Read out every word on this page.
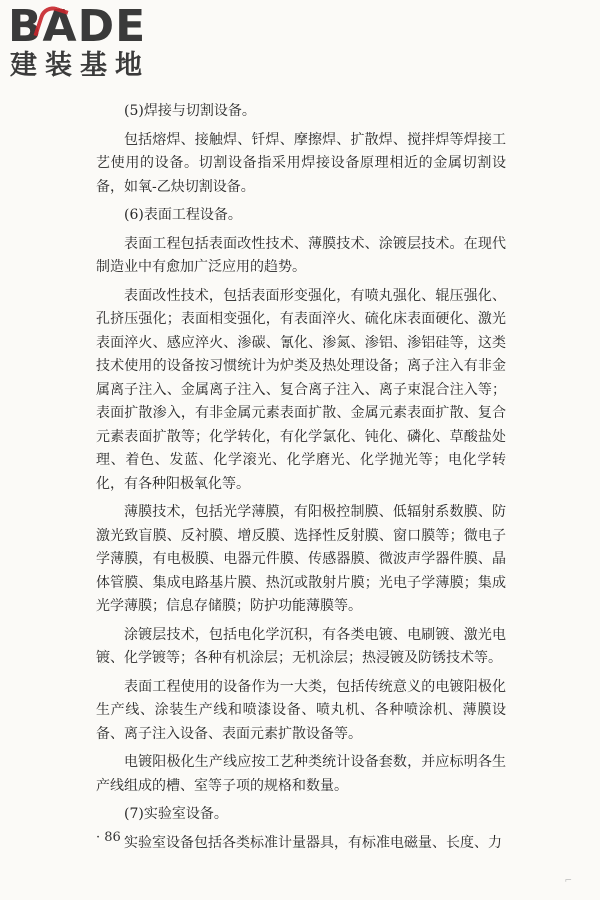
BADE
建装基地

(5)焊接与切割设备。

包括熔焊、接触焊、钎焊、摩擦焊、扩散焊、搅拌焊等焊接工艺使用的设备。切割设备指采用焊接设备原理相近的金属切割设备，如氧-乙炔切割设备。

(6)表面工程设备。

表面工程包括表面改性技术、薄膜技术、涂镀层技术。在现代制造业中有愈加广泛应用的趋势。

表面改性技术，包括表面形变强化，有喷丸强化、辊压强化、孔挤压强化；表面相变强化，有表面淬火、硫化床表面硬化、激光表面淬火、感应淬火、渗碳、氰化、渗氮、渗铝、渗铝硅等，这类技术使用的设备按习惯统计为炉类及热处理设备；离子注入有非金属离子注入、金属离子注入、复合离子注入、离子束混合注入等；表面扩散渗入，有非金属元素表面扩散、金属元素表面扩散、复合元素表面扩散等；化学转化，有化学氯化、钝化、磷化、草酸盐处理、着色、发蓝、化学滚光、化学磨光、化学抛光等；电化学转化，有各种阳极氧化等。

薄膜技术，包括光学薄膜，有阳极控制膜、低辐射系数膜、防激光致盲膜、反衬膜、增反膜、选择性反射膜、窗口膜等；微电子学薄膜，有电极膜、电器元件膜、传感器膜、微波声学器件膜、晶体管膜、集成电路基片膜、热沉或散射片膜；光电子学薄膜；集成光学薄膜；信息存储膜；防护功能薄膜等。

涂镀层技术，包括电化学沉积，有各类电镀、电刷镀、激光电镀、化学镀等；各种有机涂层；无机涂层；热浸镀及防锈技术等。

表面工程使用的设备作为一大类，包括传统意义的电镀阳极化生产线、涂装生产线和喷漆设备、喷丸机、各种喷涂机、薄膜设备、离子注入设备、表面元素扩散设备等。

电镀阳极化生产线应按工艺种类统计设备套数，并应标明各生产线组成的槽、室等子项的规格和数量。

(7)实验室设备。

实验室设备包括各类标准计量器具，有标准电磁量、长度、力

· 86 ·
⌐
